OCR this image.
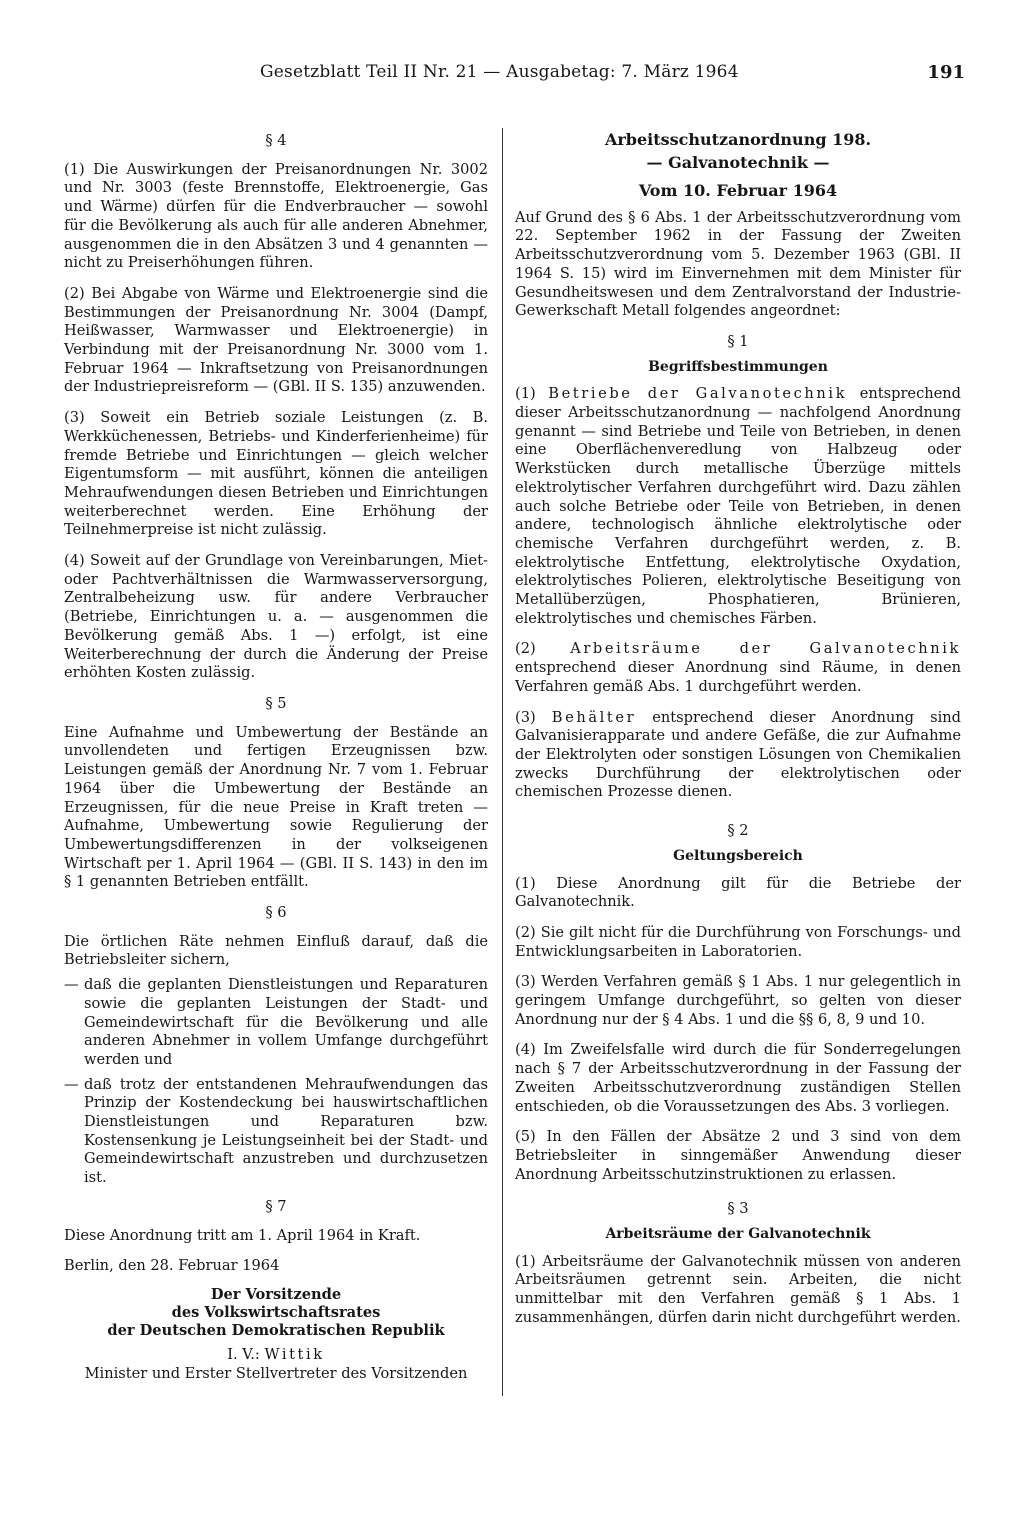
Gesetzblatt Teil II Nr. 21 — Ausgabetag: 7. März 1964	191
§ 4

(1) Die Auswirkungen der Preisanordnungen Nr. 3002 und Nr. 3003 (feste Brennstoffe, Elektroenergie, Gas und Wärme) dürfen für die Endverbraucher — sowohl für die Bevölkerung als auch für alle anderen Abnehmer, ausgenommen die in den Absätzen 3 und 4 genannten — nicht zu Preiserhöhungen führen.

(2) Bei Abgabe von Wärme und Elektroenergie sind die Bestimmungen der Preisanordnung Nr. 3004 (Dampf, Heißwasser, Warmwasser und Elektroenergie) in Verbindung mit der Preisanordnung Nr. 3000 vom 1. Februar 1964 — Inkraftsetzung von Preisanordnungen der Industriepreisreform — (GBl. II S. 135) anzuwenden.

(3) Soweit ein Betrieb soziale Leistungen (z. B. Werkküchenessen, Betriebs- und Kinderferienheime) für fremde Betriebe und Einrichtungen — gleich welcher Eigentumsform — mit ausführt, können die anteiligen Mehraufwendungen diesen Betrieben und Einrichtungen weiterberechnet werden. Eine Erhöhung der Teilnehmerpreise ist nicht zulässig.

(4) Soweit auf der Grundlage von Vereinbarungen, Miet- oder Pachtverhältnissen die Warmwasserversorgung, Zentralbeheizung usw. für andere Verbraucher (Betriebe, Einrichtungen u. a. — ausgenommen die Bevölkerung gemäß Abs. 1 —) erfolgt, ist eine Weiterberechnung der durch die Änderung der Preise erhöhten Kosten zulässig.

§ 5

Eine Aufnahme und Umbewertung der Bestände an unvollendeten und fertigen Erzeugnissen bzw. Leistungen gemäß der Anordnung Nr. 7 vom 1. Februar 1964 über die Umbewertung der Bestände an Erzeugnissen, für die neue Preise in Kraft treten — Aufnahme, Umbewertung sowie Regulierung der Umbewertungsdifferenzen in der volkseigenen Wirtschaft per 1. April 1964 — (GBl. II S. 143) in den im § 1 genannten Betrieben entfällt.

§ 6

Die örtlichen Räte nehmen Einfluß darauf, daß die Betriebsleiter sichern,

— daß die geplanten Dienstleistungen und Reparaturen sowie die geplanten Leistungen der Stadt- und Gemeindewirtschaft für die Bevölkerung und alle anderen Abnehmer in vollem Umfange durchgeführt werden und
— daß trotz der entstandenen Mehraufwendungen das Prinzip der Kostendeckung bei hauswirtschaftlichen Dienstleistungen und Reparaturen bzw. Kostensenkung je Leistungseinheit bei der Stadt- und Gemeindewirtschaft anzustreben und durchzusetzen ist.
§ 7

Diese Anordnung tritt am 1. April 1964 in Kraft.

Berlin, den 28. Februar 1964
Der Vorsitzende
des Volkswirtschaftsrates
der Deutschen Demokratischen Republik
I. V.: Wittik
Minister und Erster Stellvertreter des Vorsitzenden
Arbeitsschutzanordnung 198.
— Galvanotechnik —
Vom 10. Februar 1964

Auf Grund des § 6 Abs. 1 der Arbeitsschutzverordnung vom 22. September 1962 in der Fassung der Zweiten Arbeitsschutzverordnung vom 5. Dezember 1963 (GBl. II 1964 S. 15) wird im Einvernehmen mit dem Minister für Gesundheitswesen und dem Zentralvorstand der Industrie-Gewerkschaft Metall folgendes angeordnet:

§ 1
Begriffsbestimmungen

(1) Betriebe der Galvanotechnik entsprechend dieser Arbeitsschutzanordnung — nachfolgend Anordnung genannt — sind Betriebe und Teile von Betrieben, in denen eine Oberflächenveredlung von Halbzeug oder Werkstücken durch metallische Überzüge mittels elektrolytischer Verfahren durchgeführt wird. Dazu zählen auch solche Betriebe oder Teile von Betrieben, in denen andere, technologisch ähnliche elektrolytische oder chemische Verfahren durchgeführt werden, z. B. elektrolytische Entfettung, elektrolytische Oxydation, elektrolytisches Polieren, elektrolytische Beseitigung von Metallüberzügen, Phosphatieren, Brünieren, elektrolytisches und chemisches Färben.

(2) Arbeitsräume der Galvanotechnik entsprechend dieser Anordnung sind Räume, in denen Verfahren gemäß Abs. 1 durchgeführt werden.

(3) Behälter entsprechend dieser Anordnung sind Galvanisierapparate und andere Gefäße, die zur Aufnahme der Elektrolyten oder sonstigen Lösungen von Chemikalien zwecks Durchführung der elektrolytischen oder chemischen Prozesse dienen.

§ 2
Geltungsbereich

(1) Diese Anordnung gilt für die Betriebe der Galvanotechnik.

(2) Sie gilt nicht für die Durchführung von Forschungs- und Entwicklungsarbeiten in Laboratorien.

(3) Werden Verfahren gemäß § 1 Abs. 1 nur gelegentlich in geringem Umfange durchgeführt, so gelten von dieser Anordnung nur der § 4 Abs. 1 und die §§ 6, 8, 9 und 10.

(4) Im Zweifelsfalle wird durch die für Sonderregelungen nach § 7 der Arbeitsschutzverordnung in der Fassung der Zweiten Arbeitsschutzverordnung zuständigen Stellen entschieden, ob die Voraussetzungen des Abs. 3 vorliegen.

(5) In den Fällen der Absätze 2 und 3 sind von dem Betriebsleiter in sinngemäßer Anwendung dieser Anordnung Arbeitsschutzinstruktionen zu erlassen.

§ 3
Arbeitsräume der Galvanotechnik

(1) Arbeitsräume der Galvanotechnik müssen von anderen Arbeitsräumen getrennt sein. Arbeiten, die nicht unmittelbar mit den Verfahren gemäß § 1 Abs. 1 zusammenhängen, dürfen darin nicht durchgeführt werden.
